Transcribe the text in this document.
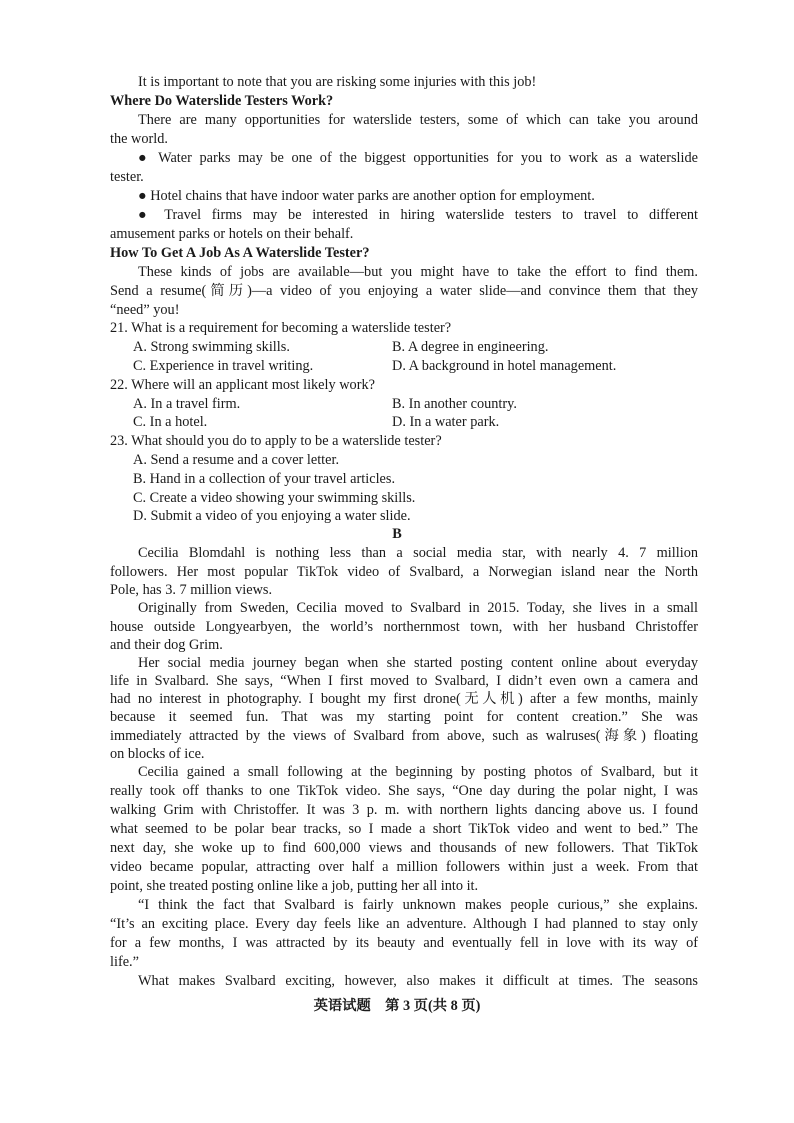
It is important to note that you are risking some injuries with this job!
Where Do Waterslide Testers Work?
There are many opportunities for waterslide testers, some of which can take you around
the world.
● Water parks may be one of the biggest opportunities for you to work as a waterslide
tester.
● Hotel chains that have indoor water parks are another option for employment.
● Travel firms may be interested in hiring waterslide testers to travel to different
amusement parks or hotels on their behalf.
How To Get A Job As A Waterslide Tester?
These kinds of jobs are available—but you might have to take the effort to find them.
Send a resume(简历)—a video of you enjoying a water slide—and convince them that they
“need” you!
21. What is a requirement for becoming a waterslide tester?
A. Strong swimming skills.	B. A degree in engineering.
C. Experience in travel writing.	D. A background in hotel management.
22. Where will an applicant most likely work?
A. In a travel firm.	B. In another country.
C. In a hotel.	D. In a water park.
23. What should you do to apply to be a waterslide tester?
A. Send a resume and a cover letter.
B. Hand in a collection of your travel articles.
C. Create a video showing your swimming skills.
D. Submit a video of you enjoying a water slide.
B
Cecilia Blomdahl is nothing less than a social media star, with nearly 4. 7 million
followers. Her most popular TikTok video of Svalbard, a Norwegian island near the North
Pole, has 3. 7 million views.
Originally from Sweden, Cecilia moved to Svalbard in 2015. Today, she lives in a small
house outside Longyearbyen, the world’s northernmost town, with her husband Christoffer
and their dog Grim.
Her social media journey began when she started posting content online about everyday
life in Svalbard. She says, “When I first moved to Svalbard, I didn’t even own a camera and
had no interest in photography. I bought my first drone(无人机) after a few months, mainly
because it seemed fun. That was my starting point for content creation.” She was
immediately attracted by the views of Svalbard from above, such as walruses(海象) floating
on blocks of ice.
Cecilia gained a small following at the beginning by posting photos of Svalbard, but it
really took off thanks to one TikTok video. She says, “One day during the polar night, I was
walking Grim with Christoffer. It was 3 p. m. with northern lights dancing above us. I found
what seemed to be polar bear tracks, so I made a short TikTok video and went to bed.” The
next day, she woke up to find 600,000 views and thousands of new followers. That TikTok
video became popular, attracting over half a million followers within just a week. From that
point, she treated posting online like a job, putting her all into it.
“I think the fact that Svalbard is fairly unknown makes people curious,” she explains.
“It’s an exciting place. Every day feels like an adventure. Although I had planned to stay only
for a few months, I was attracted by its beauty and eventually fell in love with its way of
life.”
What makes Svalbard exciting, however, also makes it difficult at times. The seasons
英语试题　第 3 页(共 8 页)
